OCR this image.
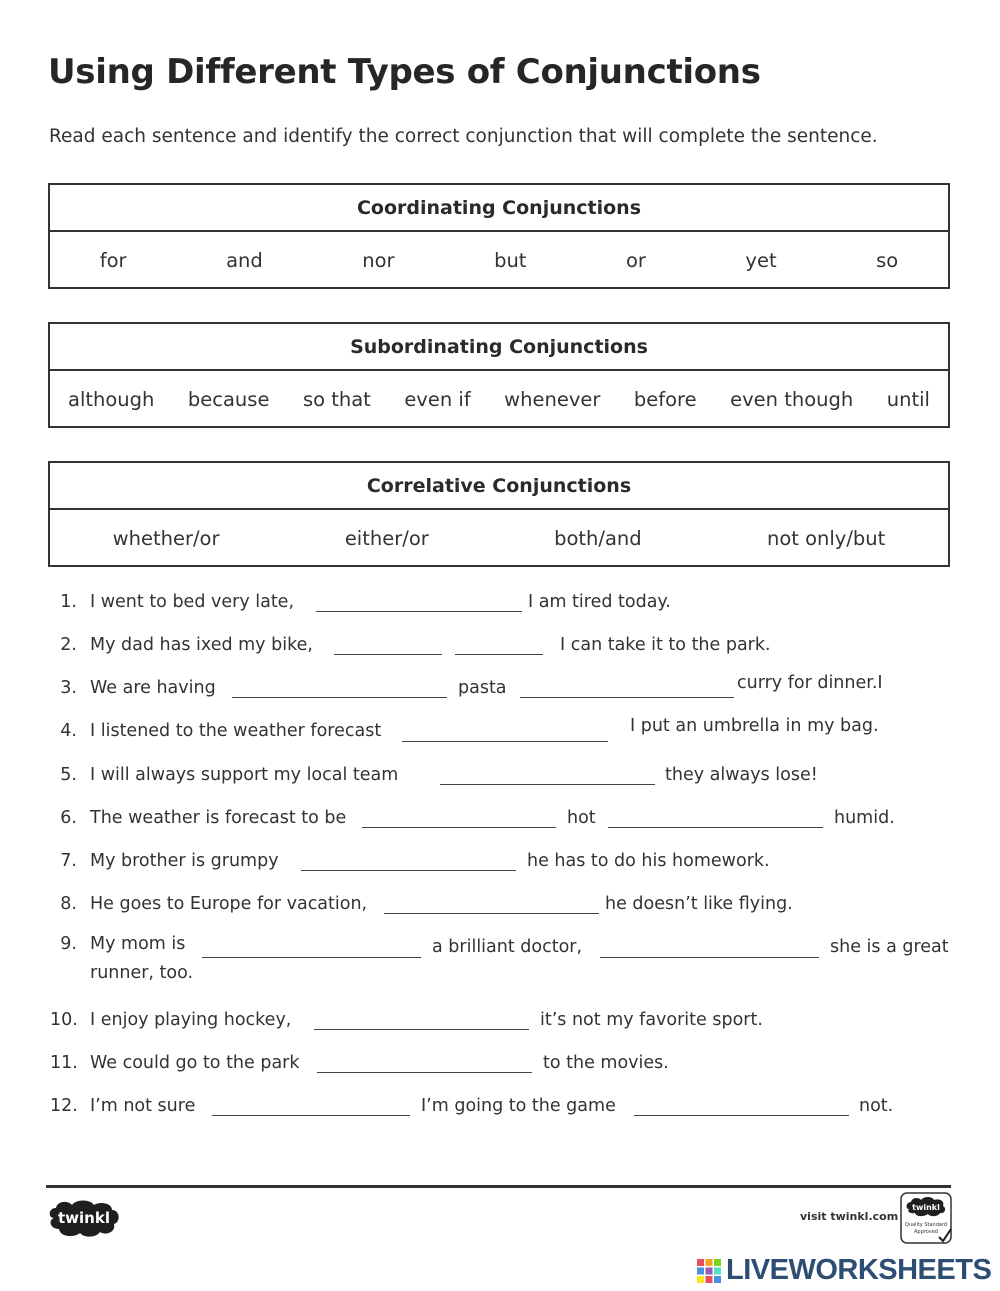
Using Different Types of Conjunctions
Read each sentence and identify the correct conjunction that will complete the sentence.
Coordinating Conjunctions
for	and	nor	but	or	yet	so
Subordinating Conjunctions
although because so that even if whenever before even though until
Correlative Conjunctions
whether/or	either/or	both/and	not only/but
1. I went to bed very late,	I am tired today.
2. My dad has ixed my bike,	I can take it to the park.
3. We are having	pasta	curry for dinner.I
4. I listened to the weather forecast	I put an umbrella in my bag.
5. I will always support my local team	they always lose!
6. The weather is forecast to be	hot	humid.
7. My brother is grumpy	he has to do his homework.
8. He goes to Europe for vacation,	he doesn’t like flying.
9. My mom is	a brilliant doctor,	she is a great
runner, too.
10. I enjoy playing hockey,	it’s not my favorite sport.
11. We could go to the park	to the movies.
12. I’m not sure	I’m going to the game	not.
twinkl	visit twinkl.com
twinkl
Quality Standard
Approved
LIVEWORKSHEETS
